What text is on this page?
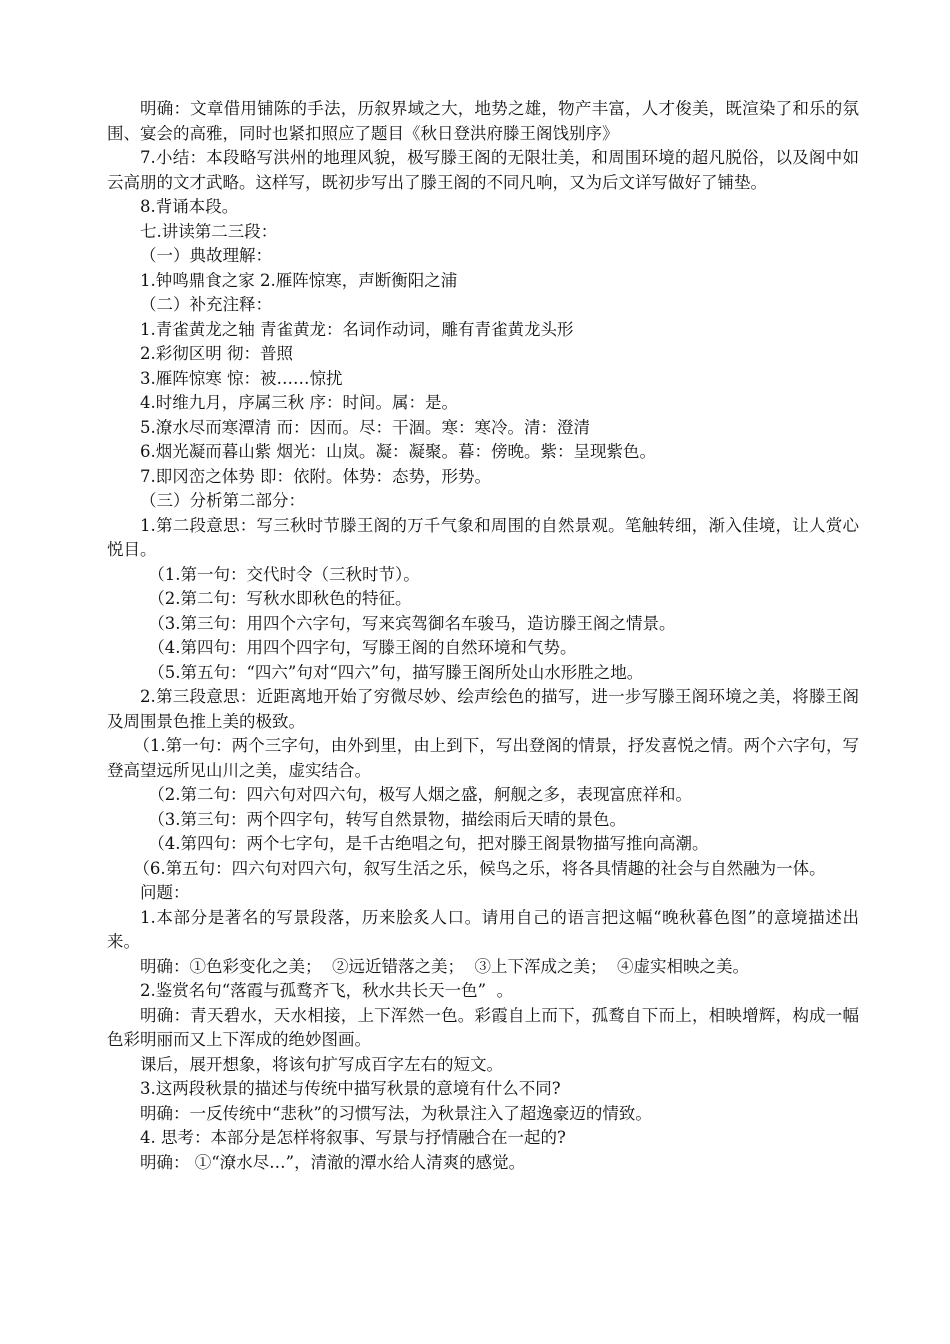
明确：文章借用铺陈的手法，历叙界域之大，地势之雄，物产丰富，人才俊美，既渲染了和乐的氛围、宴会的高雅，同时也紧扣照应了题目《秋日登洪府滕王阁饯别序》

7.小结：本段略写洪州的地理风貌，极写滕王阁的无限壮美，和周围环境的超凡脱俗，以及阁中如云高朋的文才武略。这样写，既初步写出了滕王阁的不同凡响，又为后文详写做好了铺垫。

8.背诵本段。

七.讲读第二三段：

（一）典故理解：

1.钟鸣鼎食之家 2.雁阵惊寒，声断衡阳之浦

（二）补充注释：

1.青雀黄龙之轴 青雀黄龙：名词作动词，雕有青雀黄龙头形

2.彩彻区明 彻：普照

3.雁阵惊寒 惊：被……惊扰

4.时维九月，序属三秋 序：时间。属：是。

5.潦水尽而寒潭清 而：因而。尽：干涸。寒：寒冷。清：澄清

6.烟光凝而暮山紫 烟光：山岚。凝：凝聚。暮：傍晚。紫：呈现紫色。

7.即冈峦之体势 即：依附。体势：态势，形势。

（三）分析第二部分：

1.第二段意思：写三秋时节滕王阁的万千气象和周围的自然景观。笔触转细，渐入佳境，让人赏心悦目。

（1.第一句：交代时令（三秋时节）。

（2.第二句：写秋水即秋色的特征。

（3.第三句：用四个六字句，写来宾驾御名车骏马，造访滕王阁之情景。

（4.第四句：用四个四字句，写滕王阁的自然环境和气势。

（5.第五句：“四六”句对“四六”句，描写滕王阁所处山水形胜之地。

2.第三段意思：近距离地开始了穷微尽妙、绘声绘色的描写，进一步写滕王阁环境之美，将滕王阁及周围景色推上美的极致。

（1.第一句：两个三字句，由外到里，由上到下，写出登阁的情景，抒发喜悦之情。两个六字句，写登高望远所见山川之美，虚实结合。

（2.第二句：四六句对四六句，极写人烟之盛，舸舰之多，表现富庶祥和。

（3.第三句：两个四字句，转写自然景物，描绘雨后天晴的景色。

（4.第四句：两个七字句，是千古绝唱之句，把对滕王阁景物描写推向高潮。

（6.第五句：四六句对四六句，叙写生活之乐，候鸟之乐，将各具情趣的社会与自然融为一体。

问题：

1.本部分是著名的写景段落，历来脍炙人口。请用自己的语言把这幅“晚秋暮色图”的意境描述出来。

明确：①色彩变化之美；  ②远近错落之美；  ③上下浑成之美；  ④虚实相映之美。

2.鉴赏名句“落霞与孤鹜齐飞，秋水共长天一色”  。

明确：青天碧水，天水相接，上下浑然一色。彩霞自上而下，孤鹜自下而上，相映增辉，构成一幅色彩明丽而又上下浑成的绝妙图画。

课后，展开想象，将该句扩写成百字左右的短文。

3.这两段秋景的描述与传统中描写秋景的意境有什么不同?

明确：一反传统中“悲秋”的习惯写法，为秋景注入了超逸豪迈的情致。

4. 思考：本部分是怎样将叙事、写景与抒情融合在一起的?

明确： ①“潦水尽…”，清澈的潭水给人清爽的感觉。
